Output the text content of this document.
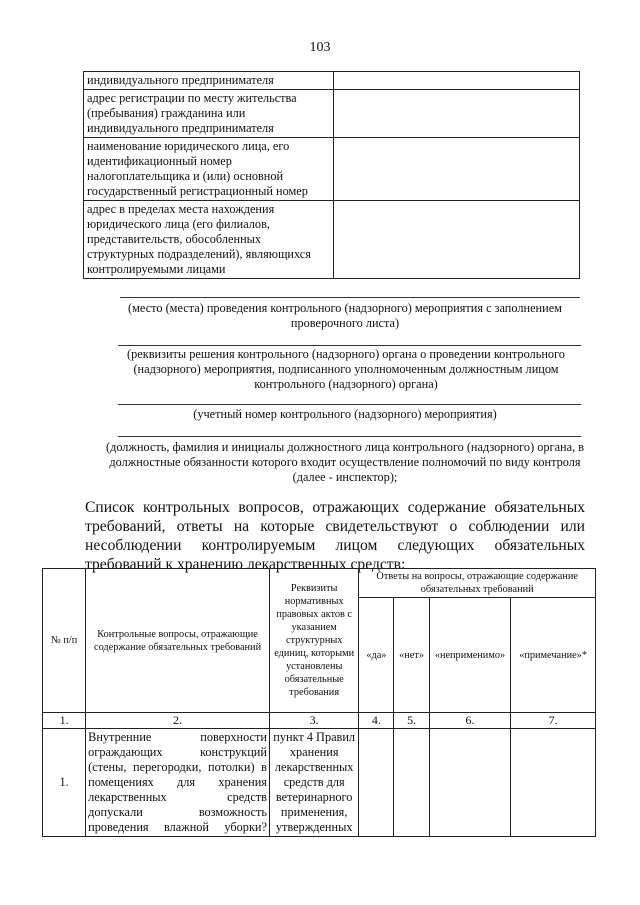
103
индивидуального предпринимателя	
адрес регистрации по месту жительства (пребывания) гражданина или индивидуального предпринимателя	
наименование юридического лица, его идентификационный номер налогоплательщика и (или) основной государственный регистрационный номер	
адрес в пределах места нахождения юридического лица (его филиалов, представительств, обособленных структурных подразделений), являющихся контролируемыми лицами	
(место (места) проведения контрольного (надзорного) мероприятия с заполнением проверочного листа)
(реквизиты решения контрольного (надзорного) органа о проведении контрольного (надзорного) мероприятия, подписанного уполномоченным должностным лицом контрольного (надзорного) органа)
(учетный номер контрольного (надзорного) мероприятия)
(должность, фамилия и инициалы должностного лица контрольного (надзорного) органа, в должностные обязанности которого входит осуществление полномочий по виду контроля (далее - инспектор);
Список контрольных вопросов, отражающих содержание обязательных требований, ответы на которые свидетельствуют о соблюдении или несоблюдении контролируемым лицом следующих обязательных требований к хранению лекарственных средств:
№ п/п	Контрольные вопросы, отражающие содержание обязательных требований	Реквизиты нормативных правовых актов с указанием структурных единиц, которыми установлены обязательные требования	Ответы на вопросы, отражающие содержание обязательных требований			
			«да»	«нет»	«неприменимо»	«примечание»*
1.	2.	3.	4.	5.	6.	7.
1.	Внутренние поверхности ограждающих конструкций (стены, перегородки, потолки) в помещениях для хранения лекарственных средств допускали возможность проведения влажной уборки?	пункт 4 Правил хранения лекарственных средств для ветеринарного применения, утвержденных				
